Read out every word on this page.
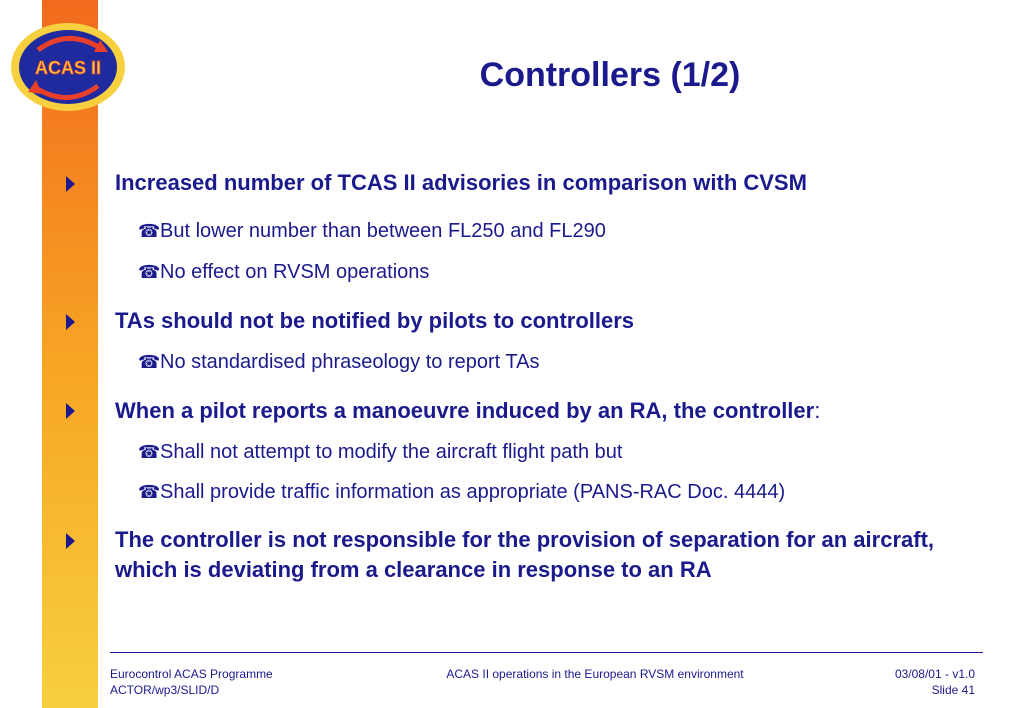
ACAS II	Controllers (1/2)
Increased number of TCAS II advisories in comparison with CVSM
☎But lower number than between FL250 and FL290
☎No effect on RVSM operations
TAs should not be notified by pilots to controllers
☎No standardised phraseology to report TAs
When a pilot reports a manoeuvre induced by an RA, the controller:
☎Shall not attempt to modify the aircraft flight path but
☎Shall provide traffic information as appropriate (PANS-RAC Doc. 4444)
The controller is not responsible for the provision of separation for an aircraft, which is deviating from a clearance in response to an RA
Eurocontrol ACAS Programme
ACTOR/wp3/SLID/D
ACAS II operations in the European RVSM environment	03/08/01 - v1.0
Slide 41
